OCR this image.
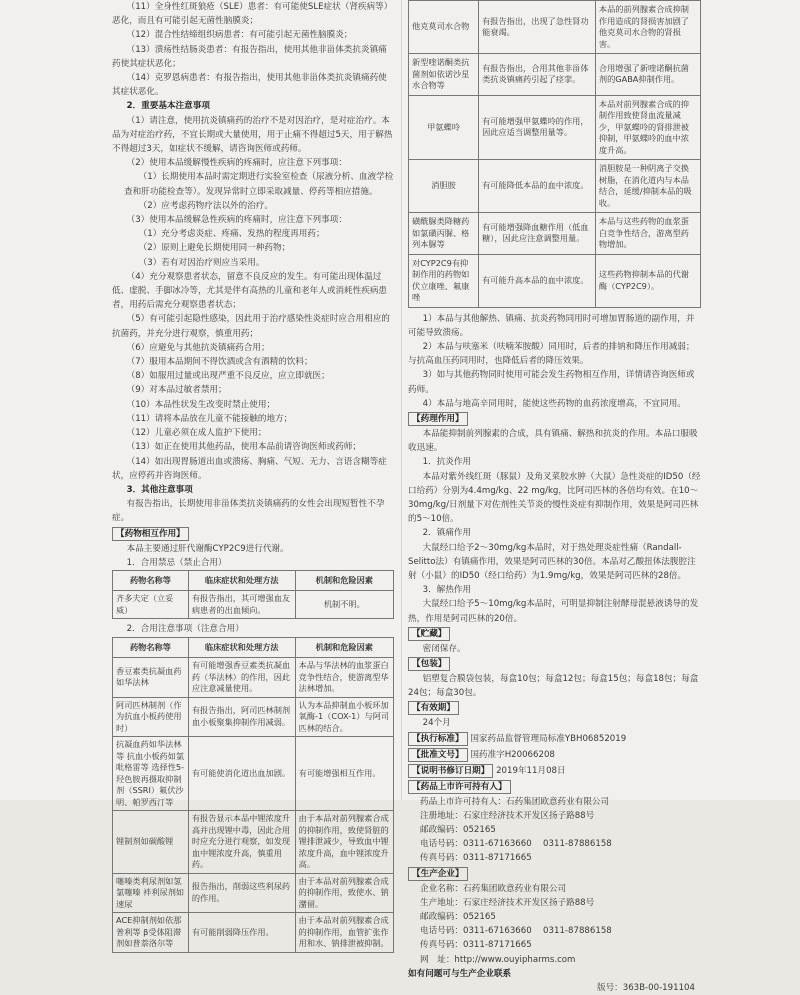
（11）全身性红斑狼疮（SLE）患者：有可能使SLE症状（肾疾病等）恶化，而且有可能引起无菌性脑膜炎；

（12）混合性结缔组织病患者：有可能引起无菌性脑膜炎；

（13）溃疡性结肠炎患者：有报告指出，使用其他非甾体类抗炎镇痛药使其症状恶化；

（14）克罗恩病患者：有报告指出，使用其他非甾体类抗炎镇痛药使其症状恶化。

2．重要基本注意事项

（1）请注意，使用抗炎镇痛药的治疗不是对因治疗，是对症治疗。本品为对症治疗药，不宜长期或大量使用，用于止痛不得超过5天，用于解热不得超过3天，如症状不缓解，请咨询医师或药师。

（2）使用本品缓解慢性疾病的疼痛时，应注意下列事项：

（1）长期使用本品时需定期进行实验室检查（尿液分析、血液学检查和肝功能检查等）。发现异常时立即采取减量、停药等相应措施。

（2）应考虑药物疗法以外的治疗。

（3）使用本品缓解急性疾病的疼痛时，应注意下列事项：

（1）充分考虑炎症、疼痛、发热的程度再用药；

（2）原则上避免长期使用同一种药物；

（3）若有对因治疗则应当采用。

（4）充分观察患者状态，留意不良反应的发生。有可能出现体温过低、虚脱、手脚冰冷等，尤其是伴有高热的儿童和老年人或消耗性疾病患者，用药后需充分观察患者状态；

（5）有可能引起隐性感染，因此用于治疗感染性炎症时应合用相应的抗菌药，并充分进行观察，慎重用药；

（6）应避免与其他抗炎镇痛药合用；

（7）服用本品期间不得饮酒或含有酒精的饮料；

（8）如服用过量或出现严重不良反应，应立即就医；

（9）对本品过敏者禁用；

（10）本品性状发生改变时禁止使用；

（11）请将本品放在儿童不能接触的地方；

（12）儿童必须在成人监护下使用；

（13）如正在使用其他药品，使用本品前请咨询医师或药师；

（14）如出现胃肠道出血或溃疡、胸痛、气短、无力、言语含糊等症状，应停药并咨询医师。

3．其他注意事项

有报告指出，长期使用非甾体类抗炎镇痛药的女性会出现短暂性不孕症。

【药物相互作用】

本品主要通过肝代谢酶CYP2C9进行代谢。

1．合用禁忌（禁止合用）

药物名称等	临床症状和处理方法	机制和危险因素
齐多夫定（立妥威）	有报告指出，其可增强血友病患者的出血倾向。	机制不明。

2．合用注意事项（注意合用）

药物名称等	临床症状和处理方法	机制和危险因素
香豆素类抗凝血药如华法林	有可能增强香豆素类抗凝血药（华法林）的作用，因此应注意减量使用。	本品与华法林的血浆蛋白竞争性结合，使游离型华法林增加。
阿司匹林制剂（作为抗血小板药使用时）	有报告指出，阿司匹林制剂血小板聚集抑制作用减弱。	认为本品抑制血小板环加氧酶-1（COX-1）与阿司匹林的结合。
抗凝血药如华法林等 抗血小板药如氯吡格雷等 选择性5-羟色胺再摄取抑制剂（SSRI）氟伏沙明、帕罗西汀等	有可能使消化道出血加剧。	有可能增强相互作用。
锂制剂如碳酸锂	有报告显示本品中锂浓度升高并出现锂中毒，因此合用时应充分进行观察，如发现血中锂浓度升高，慎重用药。	由于本品对前列腺素合成的抑制作用，致使肾脏的锂排泄减少，导致血中锂浓度升高，血中锂浓度升高。
噻嗪类利尿剂如氢氯噻嗪 袢利尿剂如速尿	报告指出，削弱这些利尿药的作用。	由于本品对前列腺素合成的抑制作用，致使水、钠潴留。
ACE抑制剂如依那普利等 β受体阻滞剂如普萘洛尔等	有可能削弱降压作用。	由于本品对前列腺素合成的抑制作用，血管扩张作用和水、钠排泄被抑制。
他克莫司水合物	有报告指出，出现了急性肾功能衰竭。	本品的前列腺素合成抑制作用造成的肾损害加剧了他克莫司水合物的肾损害。
新型喹诺酮类抗菌剂如依诺沙星水合物等	有报告指出，合用其他非甾体类抗炎镇痛药引起了痉挛。	合用增强了新喹诺酮抗菌剂的GABA抑制作用。
甲氨蝶呤	有可能增强甲氨蝶呤的作用，因此应适当调整用量等。	本品对前列腺素合成的抑制作用致使肾血流量减少，甲氨蝶呤的肾排泄被抑制，甲氨蝶呤的血中浓度升高。
消胆胺	有可能降低本品的血中浓度。	消胆胺是一种阴离子交换树脂，在消化道内与本品结合，延缓/抑制本品的吸收。
磺酰脲类降糖药如氯磺丙脲、格列本脲等	有可能增强降血糖作用（低血糖），因此应注意调整用量。	本品与这些药物的血浆蛋白竞争性结合，游离型药物增加。
对CYP2C9有抑制作用的药物如伏立康唑、氟康唑	有可能升高本品的血中浓度。	这些药物抑制本品的代谢酶（CYP2C9）。

1）本品与其他解热、镇痛、抗炎药物同用时可增加胃肠道的副作用，并可能导致溃疡。

2）本品与呋塞米（呋喃苯胺酸）同用时，后者的排钠和降压作用减弱；与抗高血压药同用时，也降低后者的降压效果。

3）如与其他药物同时使用可能会发生药物相互作用，详情请咨询医师或药师。

4）本品与地高辛同用时，能使这些药物的血药浓度增高，不宜同用。

【药理作用】

本品能抑制前列腺素的合成，具有镇痛、解热和抗炎的作用。本品口服吸收迅速。

1．抗炎作用

本品对紫外线红斑（豚鼠）及角叉菜胶水肿（大鼠）急性炎症的ID50（经口给药）分别为4.4mg/kg、22 mg/kg，比阿司匹林的各倍均有效。在10～30mg/kg/日剂量下对佐剂性关节炎的慢性炎症有抑制作用，效果是阿司匹林的5～10倍。

2．镇痛作用

大鼠经口给予2～30mg/kg本品时，对于热处理炎症性痛（Randall-Selitto法）有镇痛作用，效果是阿司匹林的30倍。本品对乙酸扭体法腹腔注射（小鼠）的ID50（经口给药）为1.9mg/kg，效果是阿司匹林的28倍。

3．解热作用

大鼠经口给予5～10mg/kg本品时，可明显抑制注射酵母混悬液诱导的发热，作用是阿司匹林的20倍。

【贮藏】

密闭保存。

【包装】

铝塑复合膜袋包装，每盒10包；每盒12包；每盒15包；每盒18包；每盒24包；每盒30包。

【有效期】

24个月

【执行标准】 国家药品监督管理局标准YBH06852019

【批准文号】 国药准字H20066208

【说明书修订日期】 2019年11月08日

【药品上市许可持有人】

药品上市许可持有人：石药集团欧意药业有限公司

注册地址：石家庄经济技术开发区扬子路88号

邮政编码：052165

电话号码：0311-67163660　 0311-87886158

传真号码：0311-87171665

【生产企业】

企业名称：石药集团欧意药业有限公司

生产地址：石家庄经济技术开发区扬子路88号

邮政编码：052165

电话号码：0311-67163660　 0311-87886158

传真号码：0311-87171665

网　址：http://www.ouyipharms.com

如有问题可与生产企业联系

版号：363B-00-191104
